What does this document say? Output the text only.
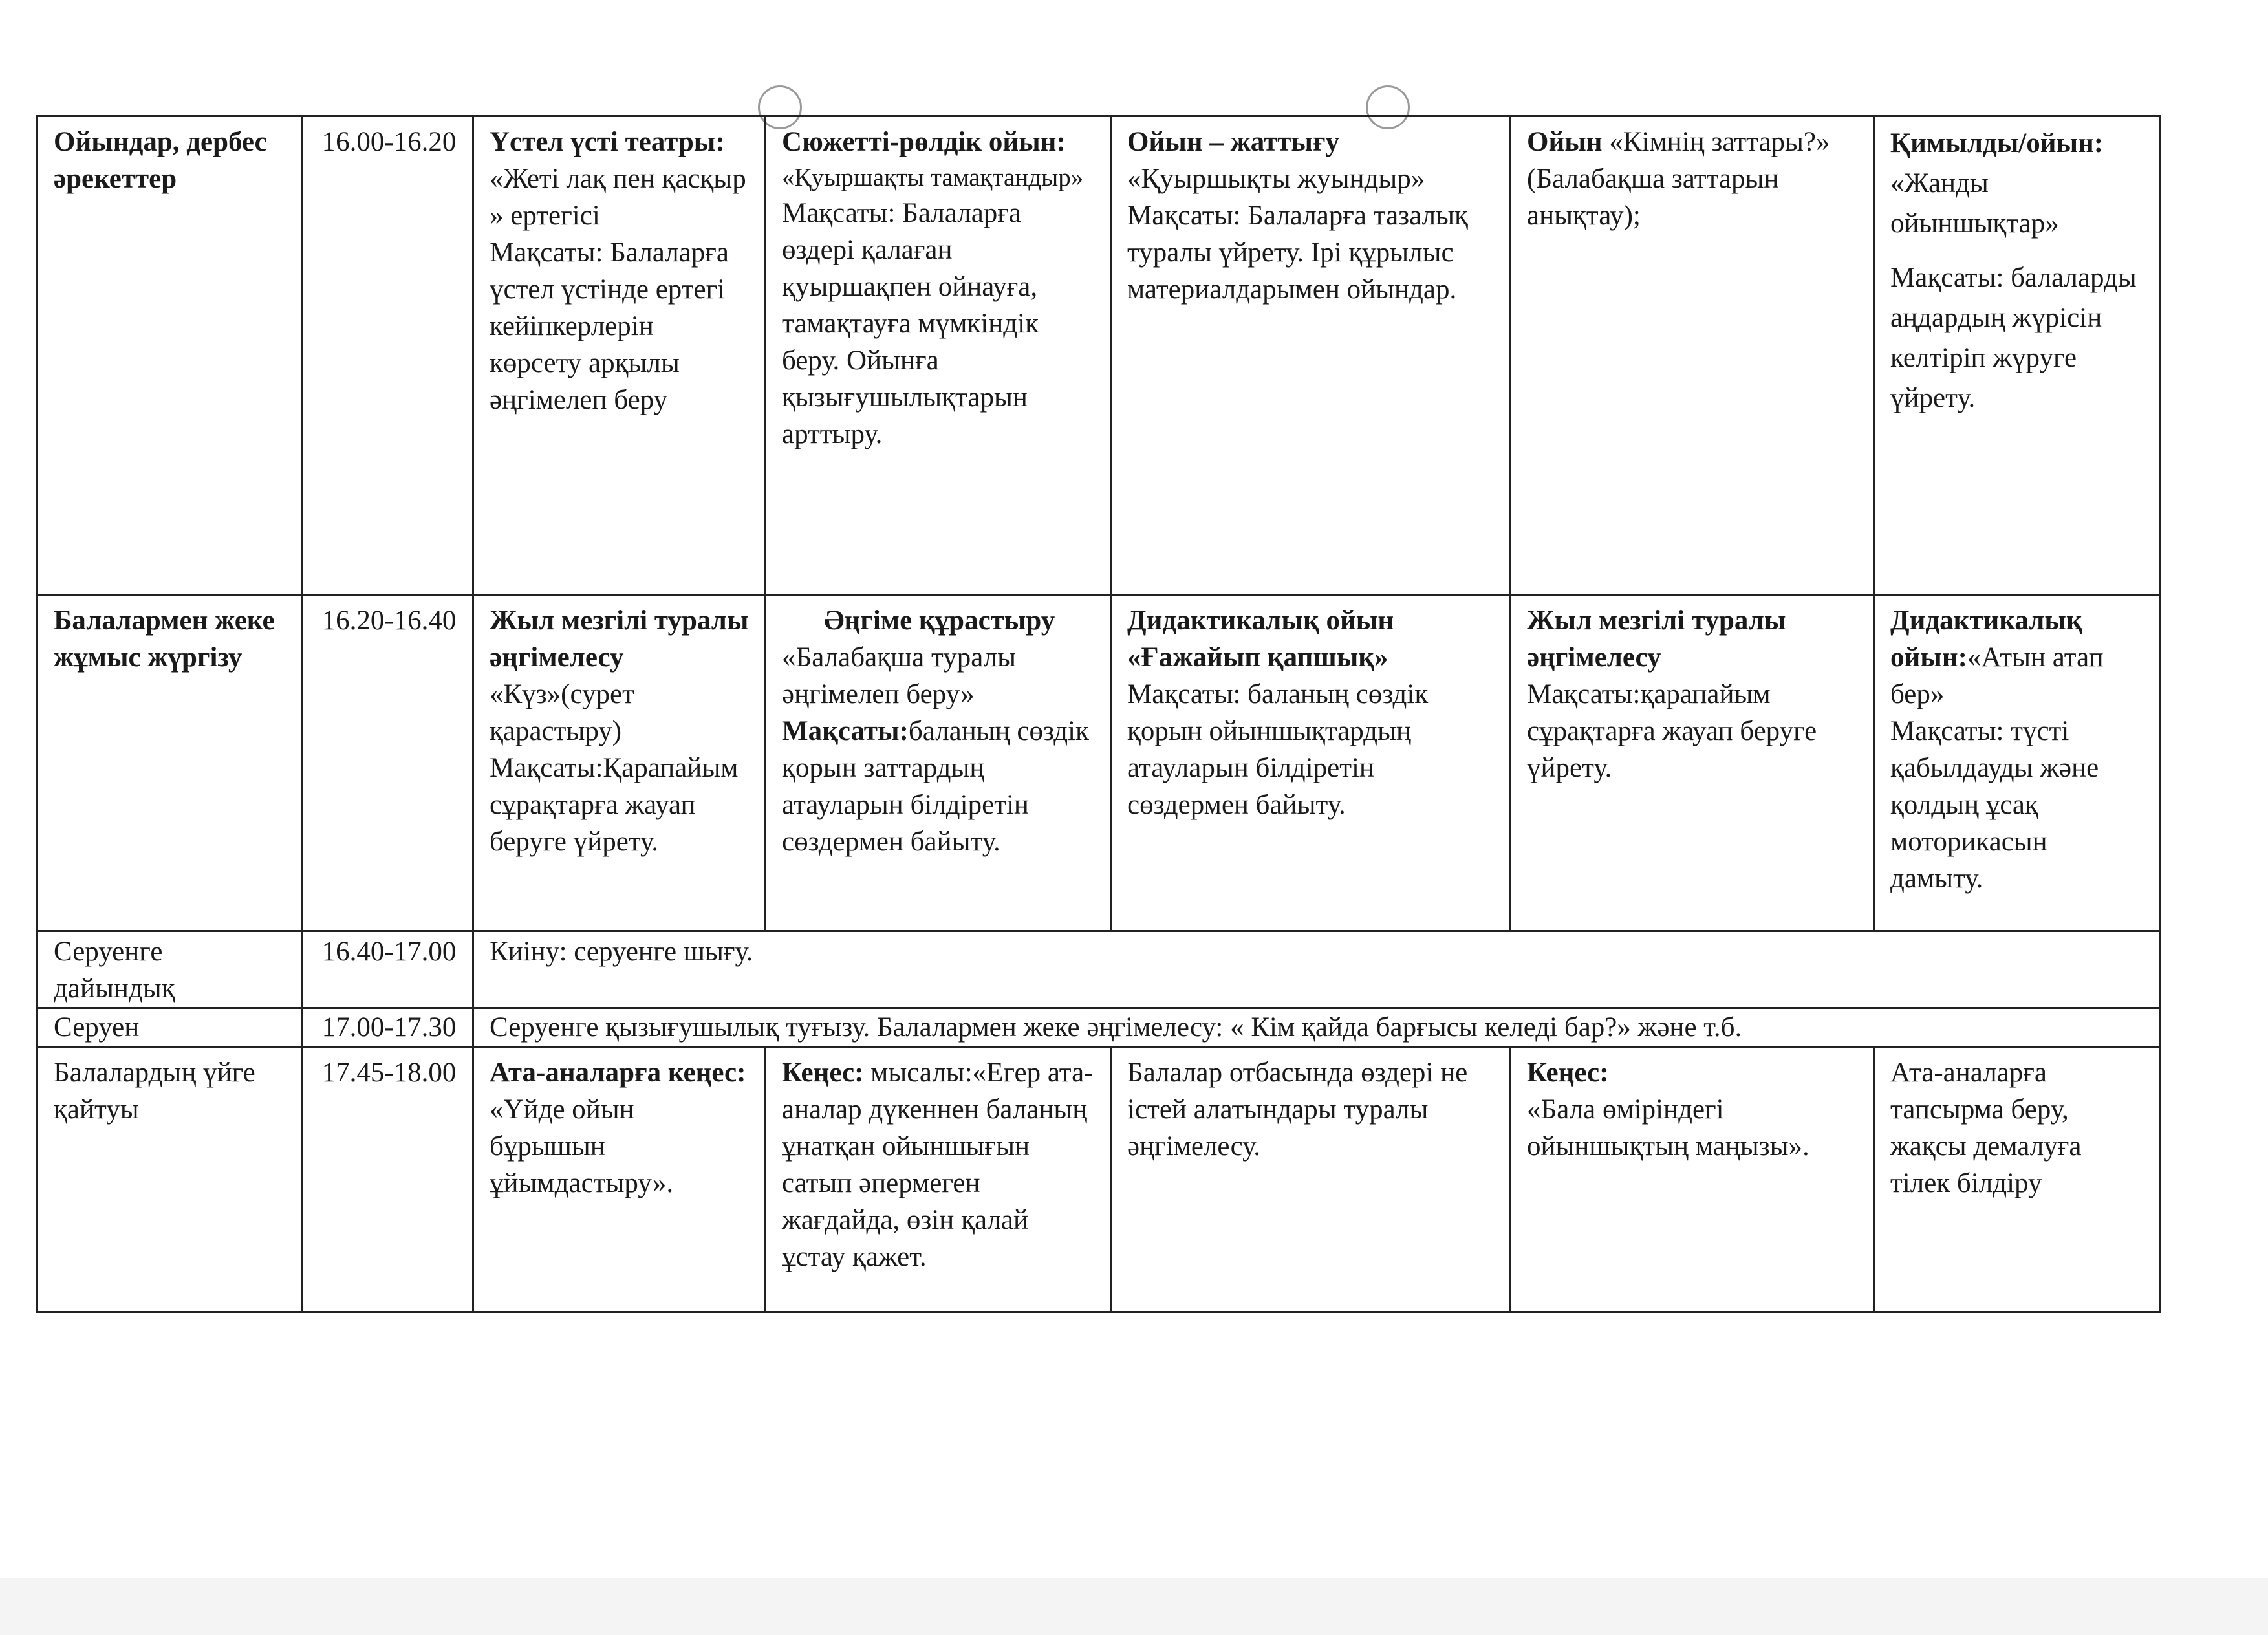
Ойындар, дербес әрекеттер	16.00-16.20	Үстел үсті театры:
«Жеті лақ пен қасқыр » ертегісі
Мақсаты: Балаларға үстел үстінде ертегі кейіпкерлерін көрсету арқылы әңгімелеп беру	Сюжетті-рөлдік ойын:
«Қуыршақты тамақтандыр»
Мақсаты: Балаларға өздері қалаған қуыршақпен ойнауға, тамақтауға мүмкіндік беру. Ойынға қызығушылықтарын арттыру.	Ойын – жаттығу
«Қуыршықты жуындыр»
Мақсаты: Балаларға тазалық туралы үйрету. Ірі құрылыс материалдарымен ойындар.	Ойын «Кімнің заттары?» (Балабақша заттарын анықтау);	Қимылды/ойын:
«Жанды ойыншықтар»
Мақсаты: балаларды аңдардың жүрісін келтіріп жүруге үйрету.

Балалармен жеке жұмыс жүргізу	16.20-16.40	Жыл мезгілі туралы әңгімелесу
«Күз»(сурет қарастыру)
Мақсаты:Қарапайым сұрақтарға жауап беруге үйрету.	Әңгіме құрастыру
«Балабақша туралы әңгімелеп беру»
Мақсаты:баланың сөздік қорын заттардың атауларын білдіретін сөздермен байыту.	Дидактикалық ойын «Ғажайып қапшық»
Мақсаты: баланың сөздік қорын ойыншықтардың атауларын білдіретін сөздермен байыту.	Жыл мезгілі туралы әңгімелесу
Мақсаты:қарапайым сұрақтарға жауап беруге үйрету.	Дидактикалық ойын:«Атын атап бер»
Мақсаты: түсті қабылдауды және қолдың ұсақ моторикасын дамыту.

Серуенге дайындық	16.40-17.00	Киіну: серуенге шығу.				
Серуен	17.00-17.30	Серуенге қызығушылық туғызу. Балалармен жеке әңгімелесу: « Кім қайда барғысы келеді бар?» және т.б.				
Балалардың үйге қайтуы	17.45-18.00	Ата-аналарға кеңес:
«Үйде ойын бұрышын ұйымдастыру».	Кеңес: мысалы:«Егер ата-аналар дүкеннен баланың ұнатқан ойыншығын сатып әпермеген жағдайда, өзін қалай ұстау қажет.	Балалар отбасында өздері не істей алатындары туралы әңгімелесу.	Кеңес:
«Бала өміріндегі ойыншықтың маңызы».	Ата-аналарға тапсырма беру, жақсы демалуға тілек білдіру
